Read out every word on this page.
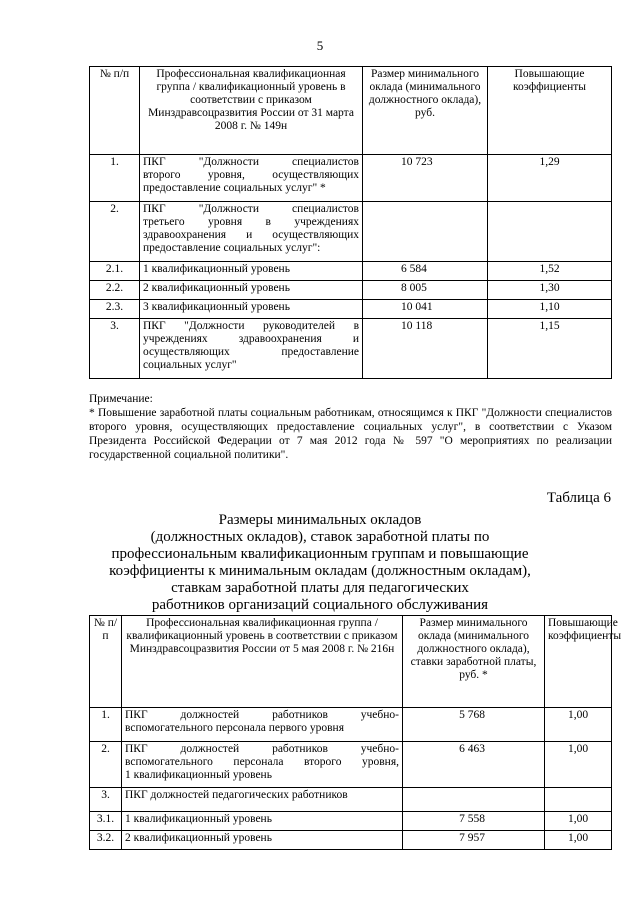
5
№ п/п	Профессиональная квалификационная группа / квалификационный уровень в соответствии с приказом Минздравсоцразвития России от 31 марта 2008 г. № 149н	Размер минимального оклада (минимального должностного оклада), руб.	Повышающие коэффициенты
1.	ПКГ "Должности специалистов
второго уровня, осуществляющих
предоставление социальных услуг" *	10 723	1,29
2.	ПКГ "Должности специалистов
третьего уровня в учреждениях
здравоохранения и осуществляющих
предоставление социальных услуг":		

2.1.	1 квалификационный уровень	6 584	1,52
2.2.	2 квалификационный уровень	8 005	1,30
2.3.	3 квалификационный уровень	10 041	1,10
3.	ПКГ "Должности руководителей в
учреждениях здравоохранения и
осуществляющих предоставление
социальных услуг"	10 118	1,15
Примечание:
* Повышение заработной платы социальным работникам, относящимся к ПКГ "Должности специалистов второго уровня, осуществляющих предоставление социальных услуг", в соответствии с Указом Президента Российской Федерации от 7 мая 2012 года № 597 "О мероприятиях по реализации государственной социальной политики".
Таблица 6
Размеры минимальных окладов
(должностных окладов), ставок заработной платы по
профессиональным квалификационным группам и повышающие
коэффициенты к минимальным окладам (должностным окладам),
ставкам заработной платы для педагогических
работников организаций социального обслуживания
№ п/п	Профессиональная квалификационная группа / квалификационный уровень в соответствии с приказом Минздравсоцразвития России от 5 мая 2008 г. № 216н	Размер минимального оклада (минимального должностного оклада), ставки заработной платы, руб. *	Повышающие коэффициенты
1.	ПКГ должностей работников учебно-
вспомогательного персонала первого уровня	5 768	1,00
2.	ПКГ должностей работников учебно-
вспомогательного персонала второго уровня,
1 квалификационный уровень	6 463	1,00
3.	ПКГ должностей педагогических работников		

3.1.	1 квалификационный уровень	7 558	1,00
3.2.	2 квалификационный уровень	7 957	1,00
